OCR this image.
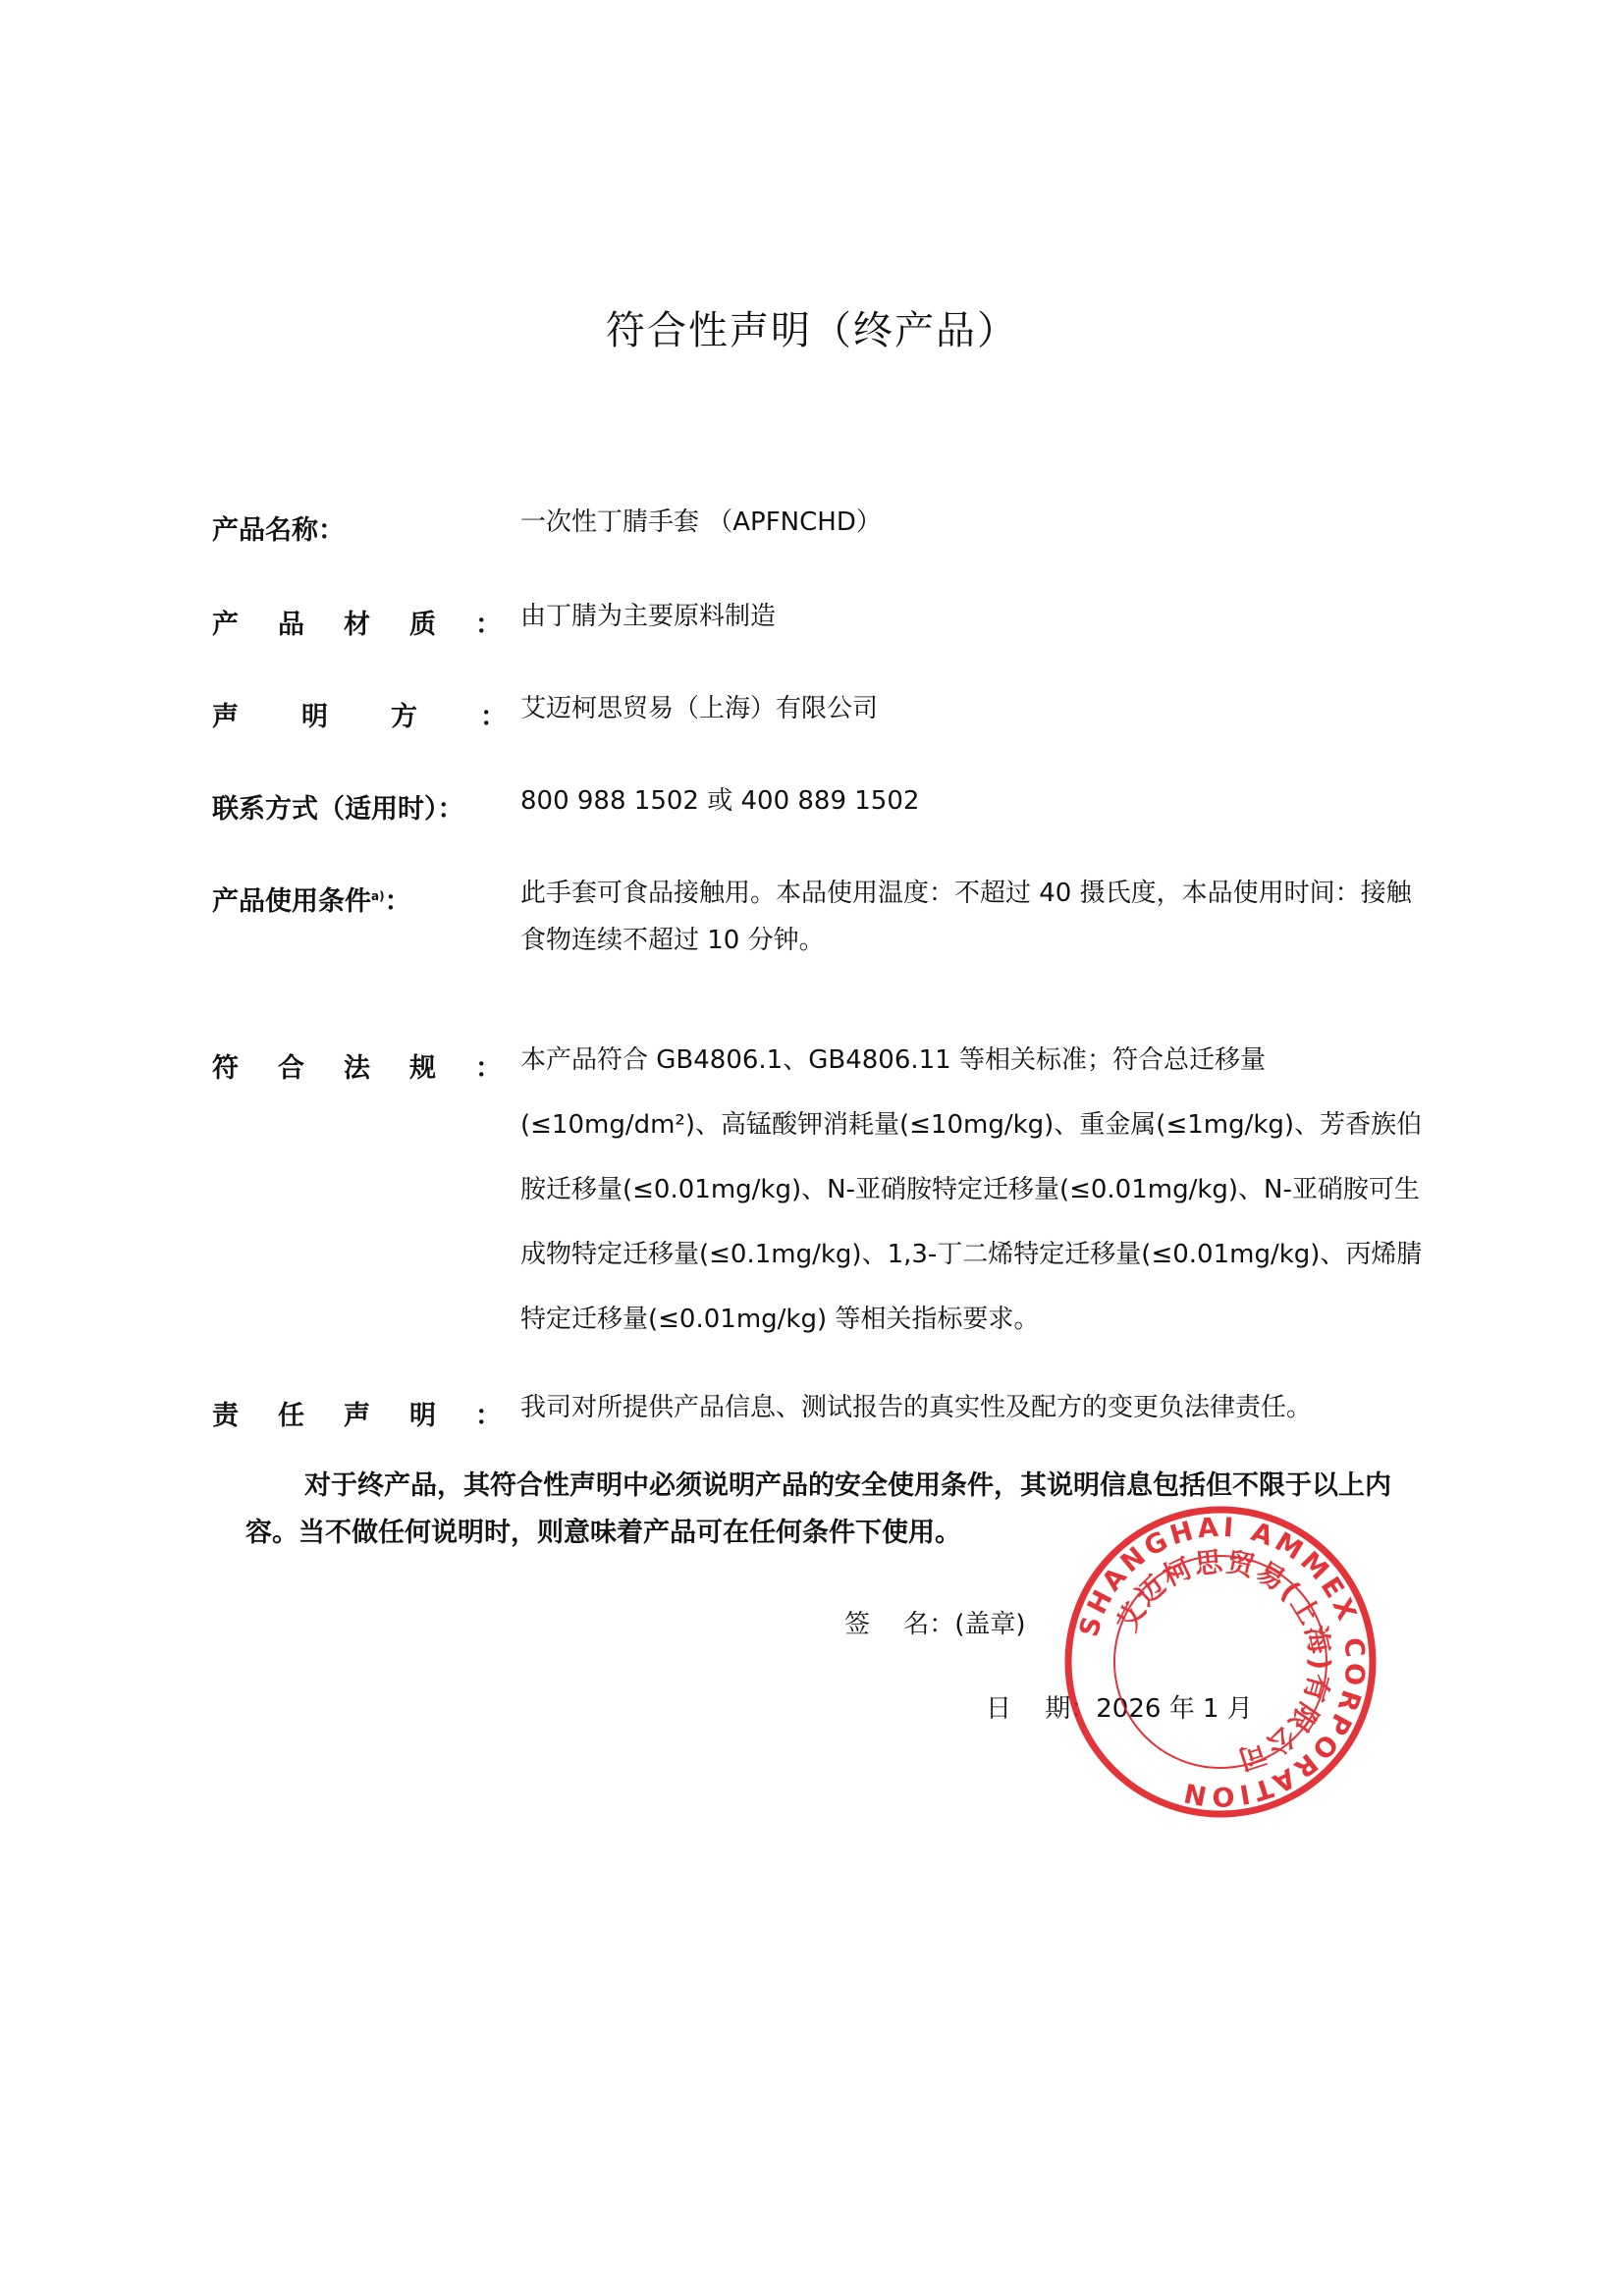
符合性声明（终产品）
产品名称：	一次性丁腈手套 （APFNCHD）
产品材质：
由丁腈为主要原料制造
声明方：
艾迈柯思贸易（上海）有限公司
联系方式（适用时）： 800 988 1502 或 400 889 1502
产品使用条件$^{a)}$：	此手套可食品接触用。本品使用温度：不超过 40 摄氏度，本品使用时间：接触食物连续不超过 10 分钟。
符合法规：
本产品符合 GB4806.1、GB4806.11 等相关标准；符合总迁移量(≤10mg/dm²)、高锰酸钾消耗量(≤10mg/kg)、重金属(≤1mg/kg)、芳香族伯胺迁移量(≤0.01mg/kg)、N-亚硝胺特定迁移量(≤0.01mg/kg)、N-亚硝胺可生成物特定迁移量(≤0.1mg/kg)、1,3-丁二烯特定迁移量(≤0.01mg/kg)、丙烯腈特定迁移量(≤0.01mg/kg) 等相关指标要求。
责任声明：
我司对所提供产品信息、测试报告的真实性及配方的变更负法律责任。
对于终产品，其符合性声明中必须说明产品的安全使用条件，其说明信息包括但不限于以上内容。当不做任何说明时，则意味着产品可在任何条件下使用。
签　 名：(盖章)
日　 期：2026 年 1 月
SHANGHAI AMMEX CORPORATION
艾迈柯思贸易(上海)有限公司
